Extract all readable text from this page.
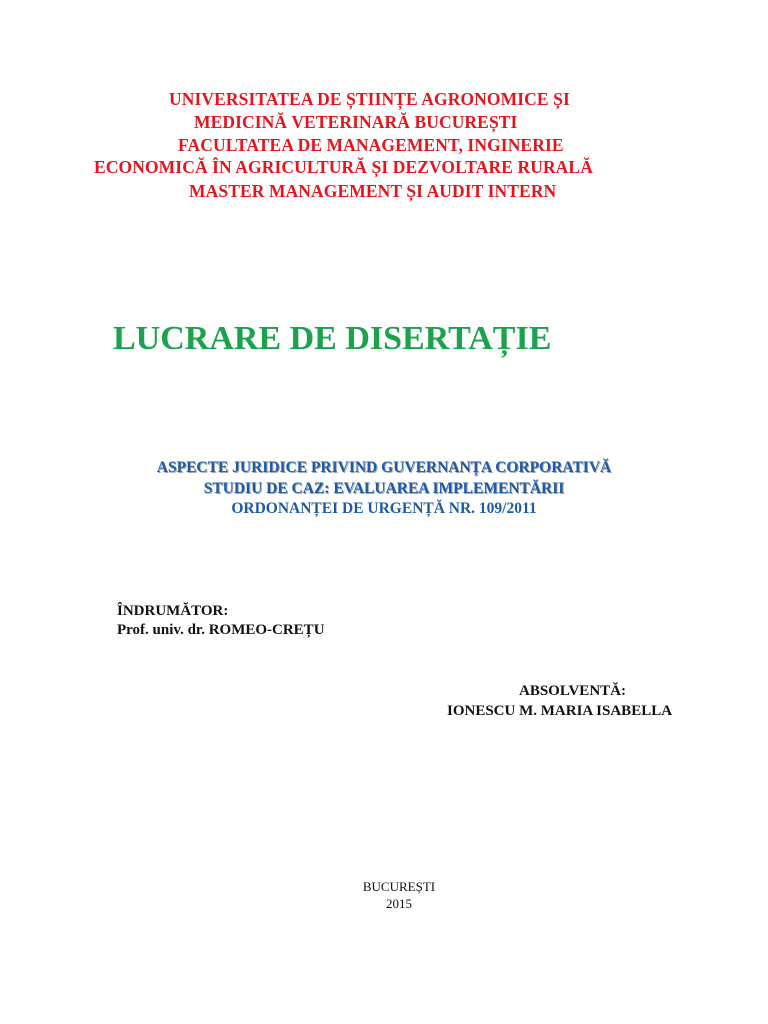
UNIVERSITATEA DE ȘTIINȚE AGRONOMICE ȘI
MEDICINĂ VETERINARĂ BUCUREȘTI
FACULTATEA DE MANAGEMENT, INGINERIE
ECONOMICĂ ÎN AGRICULTURĂ ȘI DEZVOLTARE RURALĂ
MASTER MANAGEMENT ȘI AUDIT INTERN
LUCRARE DE DISERTAȚIE
ASPECTE JURIDICE PRIVIND GUVERNANȚA CORPORATIVĂ
STUDIU DE CAZ: EVALUAREA IMPLEMENTĂRII
ORDONANȚEI DE URGENȚĂ NR. 109/2011
ÎNDRUMĂTOR:
Prof. univ. dr. ROMEO-CREȚU
ABSOLVENTĂ:
IONESCU M. MARIA ISABELLA
BUCUREȘTI
2015
